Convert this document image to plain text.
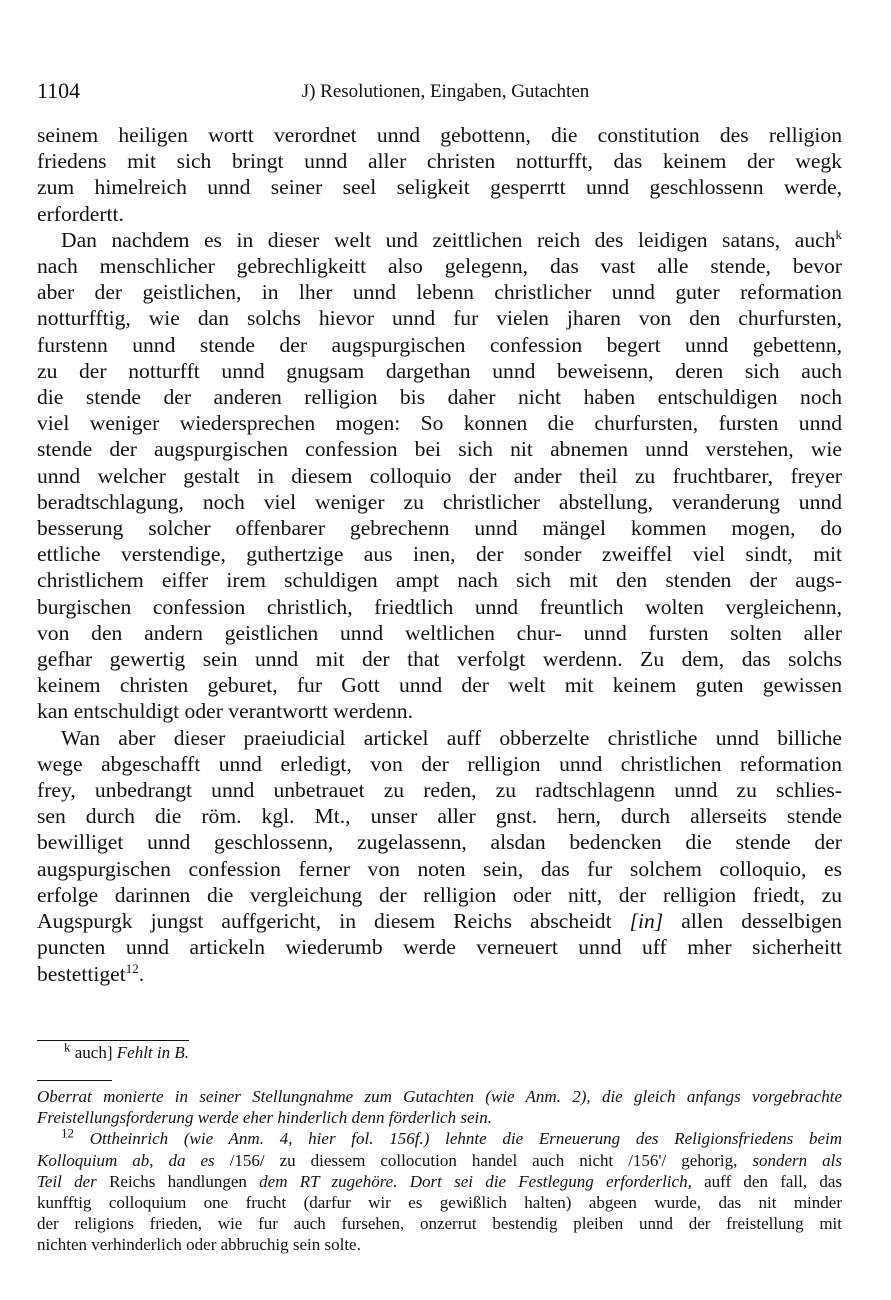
1104	J) Resolutionen, Eingaben, Gutachten
seinem heiligen wortt verordnet unnd gebottenn, die constitution des relligion
friedens mit sich bringt unnd aller christen notturfft, das keinem der wegk
zum himelreich unnd seiner seel seligkeit gesperrtt unnd geschlossenn werde,
erfordertt.
Dan nachdem es in dieser welt und zeittlichen reich des leidigen satans, auch$^k$
nach menschlicher gebrechligkeitt also gelegenn, das vast alle stende, bevor
aber der geistlichen, in lher unnd lebenn christlicher unnd guter reformation
notturfftig, wie dan solchs hievor unnd fur vielen jharen von den churfursten,
furstenn unnd stende der augspurgischen confession begert unnd gebettenn,
zu der notturfft unnd gnugsam dargethan unnd beweisenn, deren sich auch
die stende der anderen relligion bis daher nicht haben entschuldigen noch
viel weniger wiedersprechen mogen: So konnen die churfursten, fursten unnd
stende der augspurgischen confession bei sich nit abnemen unnd verstehen, wie
unnd welcher gestalt in diesem colloquio der ander theil zu fruchtbarer, freyer
beradtschlagung, noch viel weniger zu christlicher abstellung, veranderung unnd
besserung solcher offenbarer gebrechenn unnd mängel kommen mogen, do
ettliche verstendige, guthertzige aus inen, der sonder zweiffel viel sindt, mit
christlichem eiffer irem schuldigen ampt nach sich mit den stenden der augs-
burgischen confession christlich, friedtlich unnd freuntlich wolten vergleichenn,
von den andern geistlichen unnd weltlichen chur- unnd fursten solten aller
gefhar gewertig sein unnd mit der that verfolgt werdenn. Zu dem, das solchs
keinem christen geburet, fur Gott unnd der welt mit keinem guten gewissen
kan entschuldigt oder verantwortt werdenn.
Wan aber dieser praeiudicial artickel auff obberzelte christliche unnd billiche
wege abgeschafft unnd erledigt, von der relligion unnd christlichen reformation
frey, unbedrangt unnd unbetrauet zu reden, zu radtschlagenn unnd zu schlies-
sen durch die röm. kgl. Mt., unser aller gnst. hern, durch allerseits stende
bewilliget unnd geschlossenn, zugelassenn, alsdan bedencken die stende der
augspurgischen confession ferner von noten sein, das fur solchem colloquio, es
erfolge darinnen die vergleichung der relligion oder nitt, der relligion friedt, zu
Augspurgk jungst auffgericht, in diesem Reichs abscheidt [in] allen desselbigen
puncten unnd artickeln wiederumb werde verneuert unnd uff mher sicherheitt
bestettiget$^{12}$.
$^k$ auch] Fehlt in B.
Oberrat monierte in seiner Stellungnahme zum Gutachten (wie Anm. 2), die gleich anfangs vorgebrachte
Freistellungsforderung werde eher hinderlich denn förderlich sein.
$^{12}$ Ottheinrich (wie Anm. 4, hier fol. 156f.) lehnte die Erneuerung des Religionsfriedens beim
Kolloquium ab, da es /156/ zu diessem collocution handel auch nicht /156'/ gehorig, sondern als
Teil der Reichs handlungen dem RT zugehöre. Dort sei die Festlegung erforderlich, auff den fall, das
kunfftig colloquium one frucht (darfur wir es gewißlich halten) abgeen wurde, das nit minder
der religions frieden, wie fur auch fursehen, onzerrut bestendig pleiben unnd der freistellung mit
nichten verhinderlich oder abbruchig sein solte.
